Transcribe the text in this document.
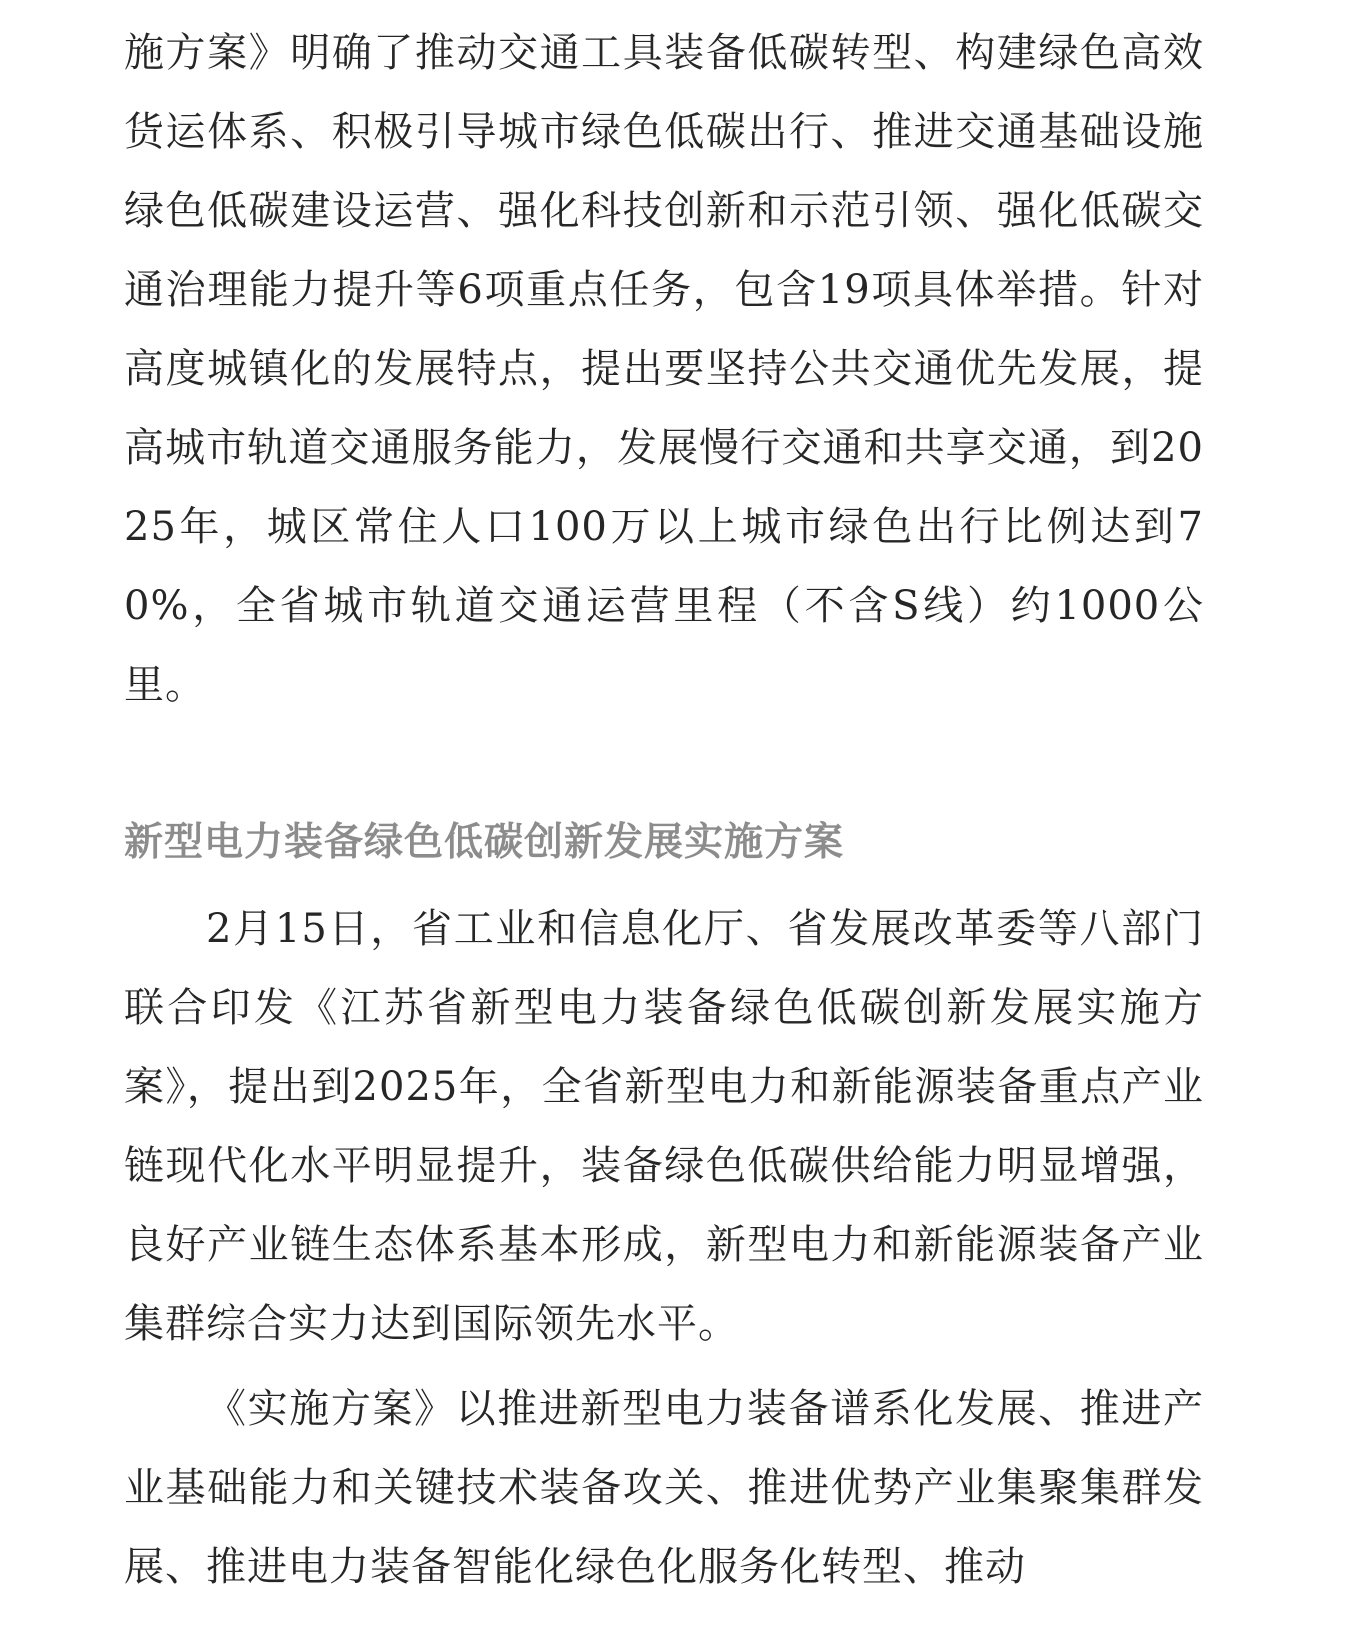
施方案》明确了推动交通工具装备低碳转型、构建绿色高效货运体系、积极引导城市绿色低碳出行、推进交通基础设施绿色低碳建设运营、强化科技创新和示范引领、强化低碳交通治理能力提升等6项重点任务，包含19项具体举措。针对高度城镇化的发展特点，提出要坚持公共交通优先发展，提高城市轨道交通服务能力，发展慢行交通和共享交通，到2025年，城区常住人口100万以上城市绿色出行比例达到70%，全省城市轨道交通运营里程（不含S线）约1000公里。

新型电力装备绿色低碳创新发展实施方案

2月15日，省工业和信息化厅、省发展改革委等八部门联合印发《江苏省新型电力装备绿色低碳创新发展实施方案》，提出到2025年，全省新型电力和新能源装备重点产业链现代化水平明显提升，装备绿色低碳供给能力明显增强，良好产业链生态体系基本形成，新型电力和新能源装备产业集群综合实力达到国际领先水平。

《实施方案》以推进新型电力装备谱系化发展、推进产业基础能力和关键技术装备攻关、推进优势产业集聚集群发展、推进电力装备智能化绿色化服务化转型、推动
